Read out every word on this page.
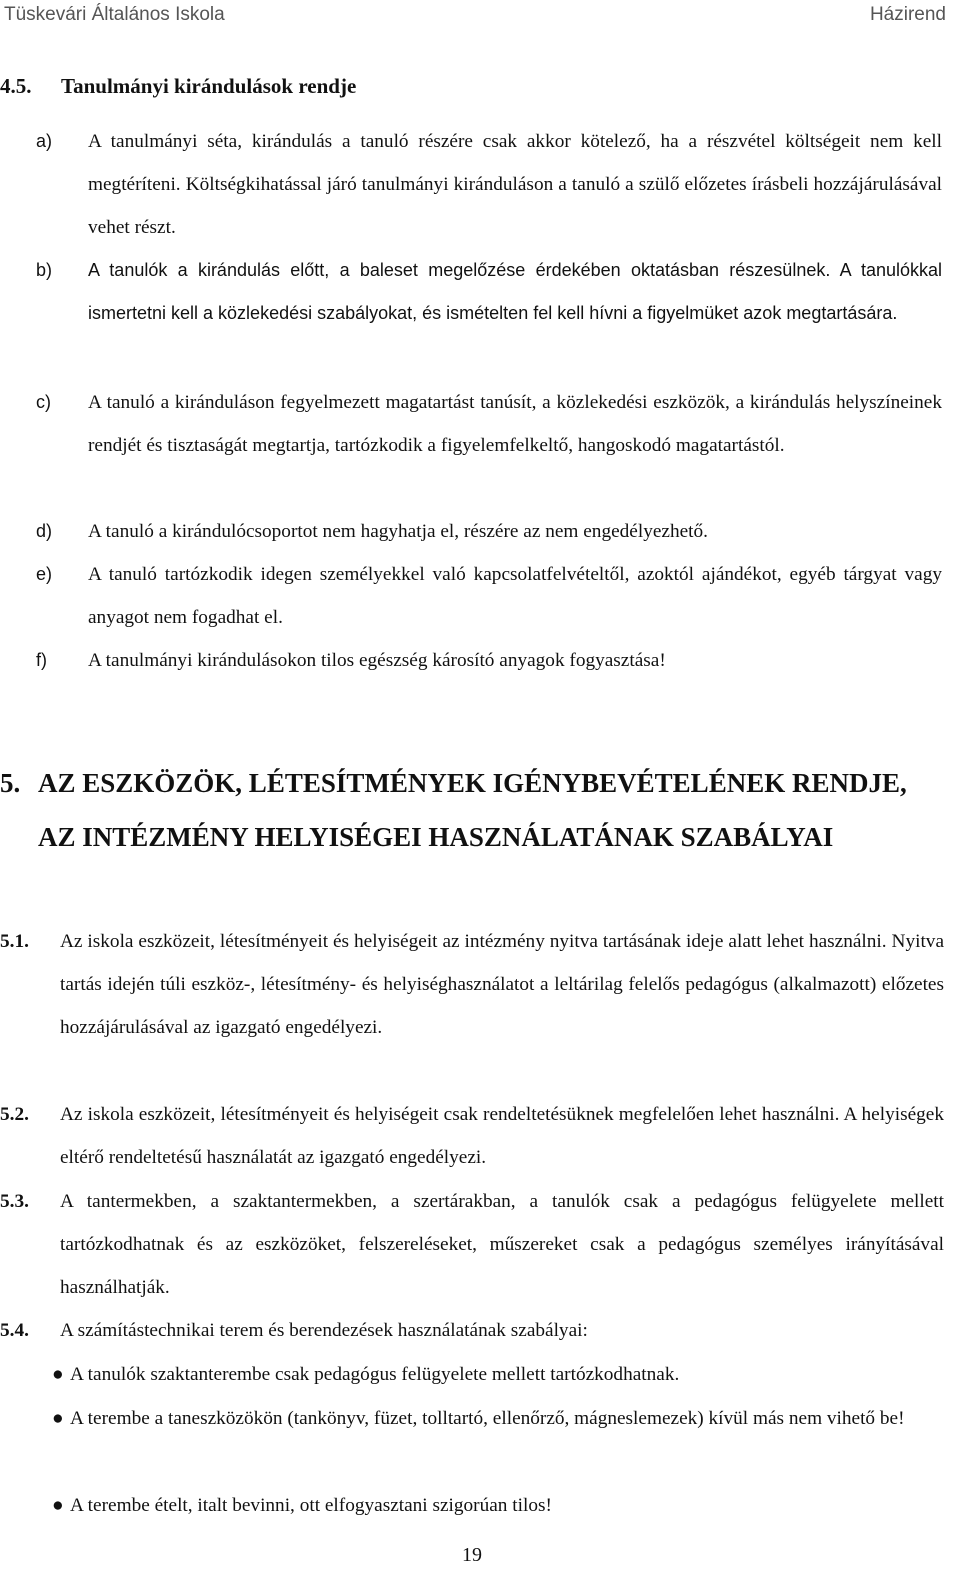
Tüskevári Általános Iskola	Házirend
4.5.	Tanulmányi kirándulások rendje
a) A tanulmányi séta, kirándulás a tanuló részére csak akkor kötelező, ha a részvétel költségeit nem kell megtéríteni. Költségkihatással járó tanulmányi kiránduláson a tanuló a szülő előzetes írásbeli hozzájárulásával vehet részt.
b) A tanulók a kirándulás előtt, a baleset megelőzése érdekében oktatásban részesülnek. A tanulókkal ismertetni kell a közlekedési szabályokat, és ismételten fel kell hívni a figyelmüket azok megtartására.
c) A tanuló a kiránduláson fegyelmezett magatartást tanúsít, a közlekedési eszközök, a kirándulás helyszíneinek rendjét és tisztaságát megtartja, tartózkodik a figyelemfelkeltő, hangoskodó magatartástól.
d) A tanuló a kirándulócsoportot nem hagyhatja el, részére az nem engedélyezhető.
e) A tanuló tartózkodik idegen személyekkel való kapcsolatfelvételtől, azoktól ajándékot, egyéb tárgyat vagy anyagot nem fogadhat el.
f) A tanulmányi kirándulásokon tilos egészség károsító anyagok fogyasztása!
5. AZ ESZKÖZÖK, LÉTESÍTMÉNYEK IGÉNYBEVÉTELÉNEK RENDJE, AZ INTÉZMÉNY HELYISÉGEI HASZNÁLATÁNAK SZABÁLYAI
5.1. Az iskola eszközeit, létesítményeit és helyiségeit az intézmény nyitva tartásának ideje alatt lehet használni. Nyitva tartás idején túli eszköz-, létesítmény- és helyiséghasználatot a leltárilag felelős pedagógus (alkalmazott) előzetes hozzájárulásával az igazgató engedélyezi.
5.2. Az iskola eszközeit, létesítményeit és helyiségeit csak rendeltetésüknek megfelelően lehet használni. A helyiségek eltérő rendeltetésű használatát az igazgató engedélyezi.
5.3. A tantermekben, a szaktantermekben, a szertárakban, a tanulók csak a pedagógus felügyelete mellett tartózkodhatnak és az eszközöket, felszereléseket, műszereket csak a pedagógus személyes irányításával használhatják.
5.4. A számítástechnikai terem és berendezések használatának szabályai:
● A tanulók szaktanterembe csak pedagógus felügyelete mellett tartózkodhatnak.
● A terembe a taneszközökön (tankönyv, füzet, tolltartó, ellenőrző, mágneslemezek) kívül más nem vihető be!
● A terembe ételt, italt bevinni, ott elfogyasztani szigorúan tilos!
19
